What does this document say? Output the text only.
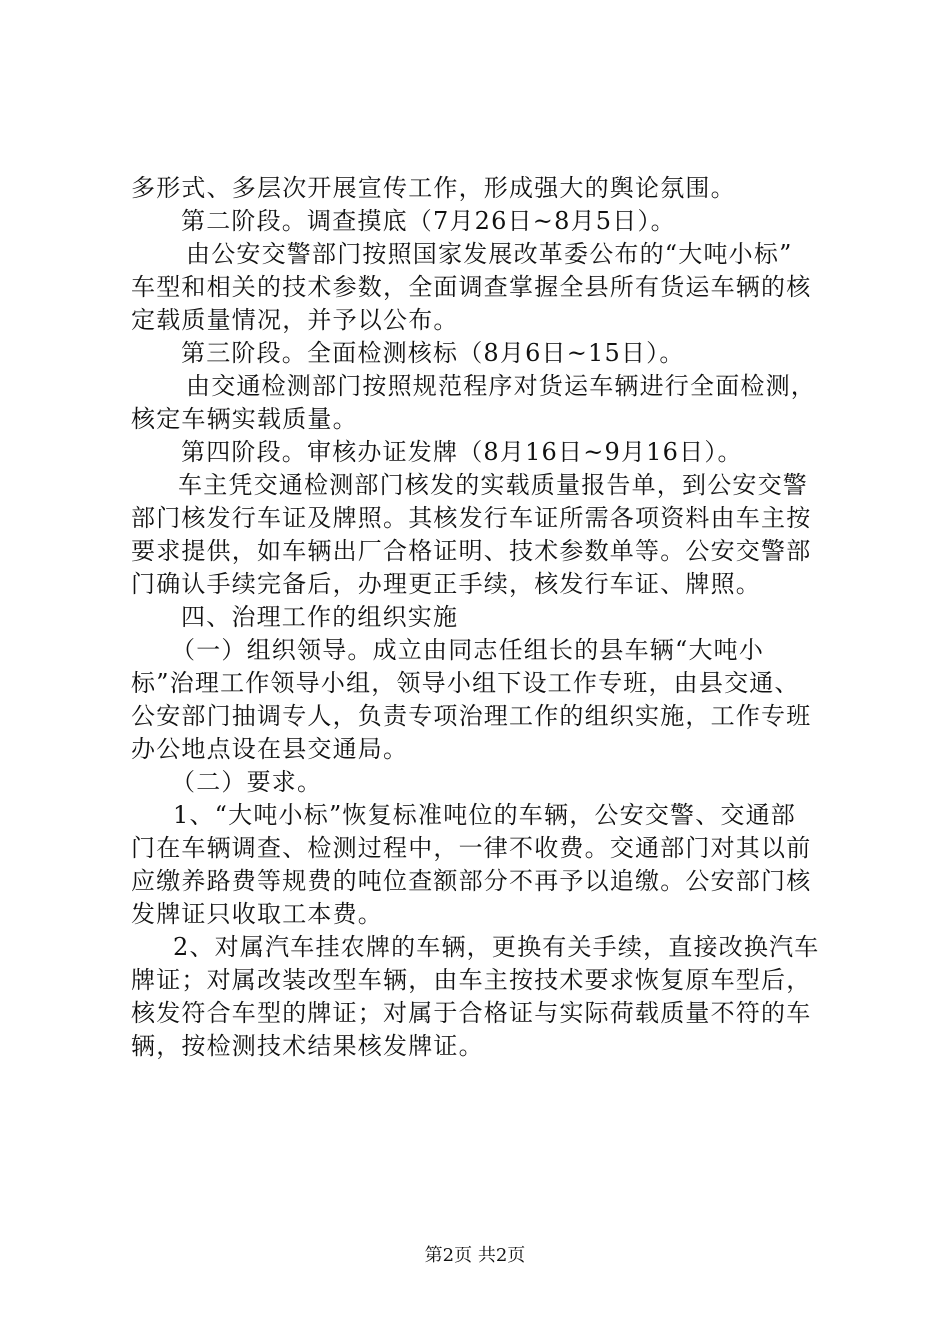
多形式、多层次开展宣传工作，形成强大的舆论氛围。
第二阶段。调查摸底（7月26日~8月5日）。
由公安交警部门按照国家发展改革委公布的“大吨小标”
车型和相关的技术参数，全面调查掌握全县所有货运车辆的核
定载质量情况，并予以公布。
第三阶段。全面检测核标（8月6日~15日）。
由交通检测部门按照规范程序对货运车辆进行全面检测，
核定车辆实载质量。
第四阶段。审核办证发牌（8月16日~9月16日）。
车主凭交通检测部门核发的实载质量报告单，到公安交警
部门核发行车证及牌照。其核发行车证所需各项资料由车主按
要求提供，如车辆出厂合格证明、技术参数单等。公安交警部
门确认手续完备后，办理更正手续，核发行车证、牌照。
四、治理工作的组织实施
（一）组织领导。成立由同志任组长的县车辆“大吨小
标”治理工作领导小组，领导小组下设工作专班，由县交通、
公安部门抽调专人，负责专项治理工作的组织实施，工作专班
办公地点设在县交通局。
（二）要求。
1、“大吨小标”恢复标准吨位的车辆，公安交警、交通部
门在车辆调查、检测过程中，一律不收费。交通部门对其以前
应缴养路费等规费的吨位查额部分不再予以追缴。公安部门核
发牌证只收取工本费。
2、对属汽车挂农牌的车辆，更换有关手续，直接改换汽车
牌证；对属改装改型车辆，由车主按技术要求恢复原车型后，
核发符合车型的牌证；对属于合格证与实际荷载质量不符的车
辆，按检测技术结果核发牌证。
第2页 共2页
